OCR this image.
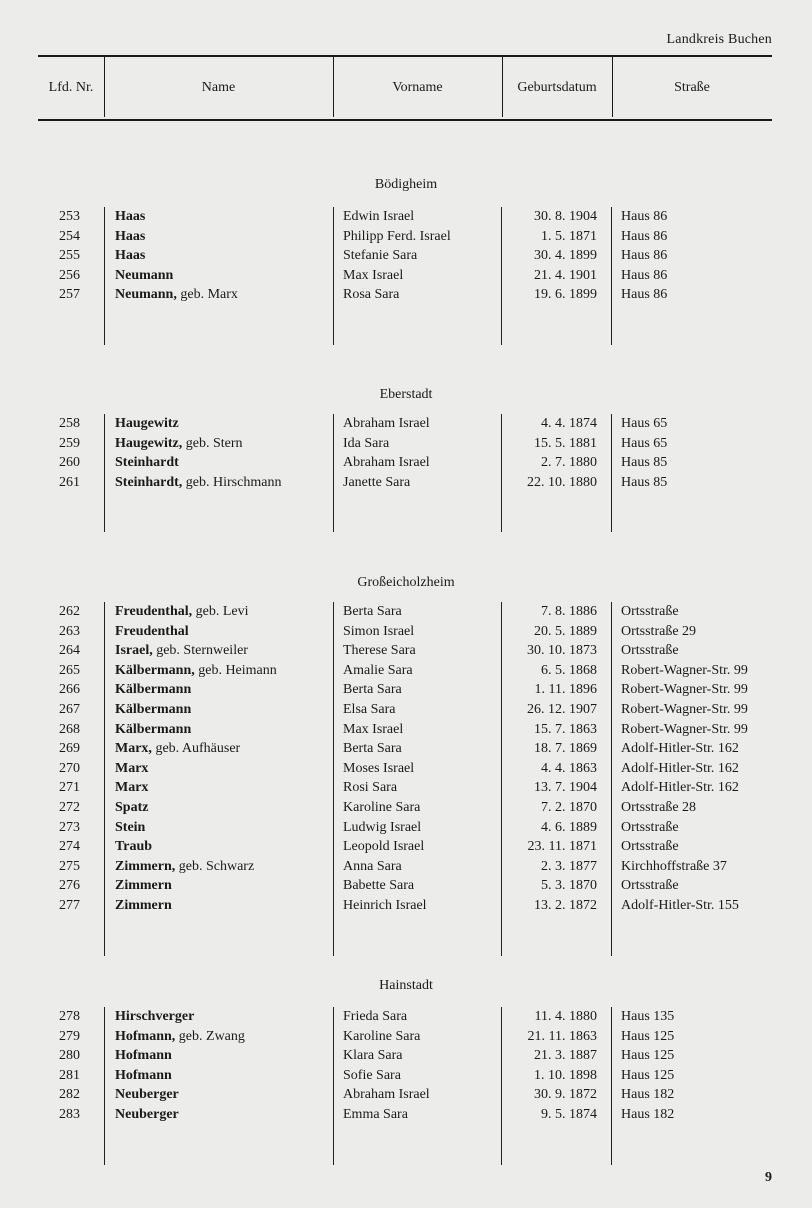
Landkreis Buchen
Lfd. Nr.	Name	Vorname	Geburtsdatum	Straße
Bödigheim
253	Haas	Edwin Israel	30. 8. 1904 Haus 86
254	Haas	Philipp Ferd. Israel	1. 5. 1871 Haus 86
255	Haas	Stefanie Sara	30. 4. 1899 Haus 86
256	Neumann	Max Israel	21. 4. 1901 Haus 86
257	Neumann, geb. Marx	Rosa Sara	19. 6. 1899 Haus 86
Eberstadt
258	Haugewitz	Abraham Israel	4. 4. 1874 Haus 65
259	Haugewitz, geb. Stern	Ida Sara	15. 5. 1881 Haus 65
260	Steinhardt	Abraham Israel	2. 7. 1880 Haus 85
261	Steinhardt, geb. Hirschmann	Janette Sara	22. 10. 1880 Haus 85
Großeicholzheim
262	Freudenthal, geb. Levi	Berta Sara	7. 8. 1886 Ortsstraße
263	Freudenthal	Simon Israel	20. 5. 1889 Ortsstraße 29
264	Israel, geb. Sternweiler	Therese Sara	30. 10. 1873 Ortsstraße
265	Kälbermann, geb. Heimann	Amalie Sara	6. 5. 1868 Robert-Wagner-Str. 99
266	Kälbermann	Berta Sara	1. 11. 1896 Robert-Wagner-Str. 99
267	Kälbermann	Elsa Sara	26. 12. 1907 Robert-Wagner-Str. 99
268	Kälbermann	Max Israel	15. 7. 1863 Robert-Wagner-Str. 99
269	Marx, geb. Aufhäuser	Berta Sara	18. 7. 1869 Adolf-Hitler-Str. 162
270	Marx	Moses Israel	4. 4. 1863 Adolf-Hitler-Str. 162
271	Marx	Rosi Sara	13. 7. 1904 Adolf-Hitler-Str. 162
272	Spatz	Karoline Sara	7. 2. 1870 Ortsstraße 28
273	Stein	Ludwig Israel	4. 6. 1889 Ortsstraße
274	Traub	Leopold Israel	23. 11. 1871 Ortsstraße
275	Zimmern, geb. Schwarz	Anna Sara	2. 3. 1877 Kirchhoffstraße 37
276	Zimmern	Babette Sara	5. 3. 1870 Ortsstraße
277	Zimmern	Heinrich Israel	13. 2. 1872 Adolf-Hitler-Str. 155
Hainstadt
278	Hirschverger	Frieda Sara	11. 4. 1880 Haus 135
279	Hofmann, geb. Zwang	Karoline Sara	21. 11. 1863 Haus 125
280	Hofmann	Klara Sara	21. 3. 1887 Haus 125
281	Hofmann	Sofie Sara	1. 10. 1898 Haus 125
282	Neuberger	Abraham Israel	30. 9. 1872 Haus 182
283	Neuberger	Emma Sara	9. 5. 1874 Haus 182
9
